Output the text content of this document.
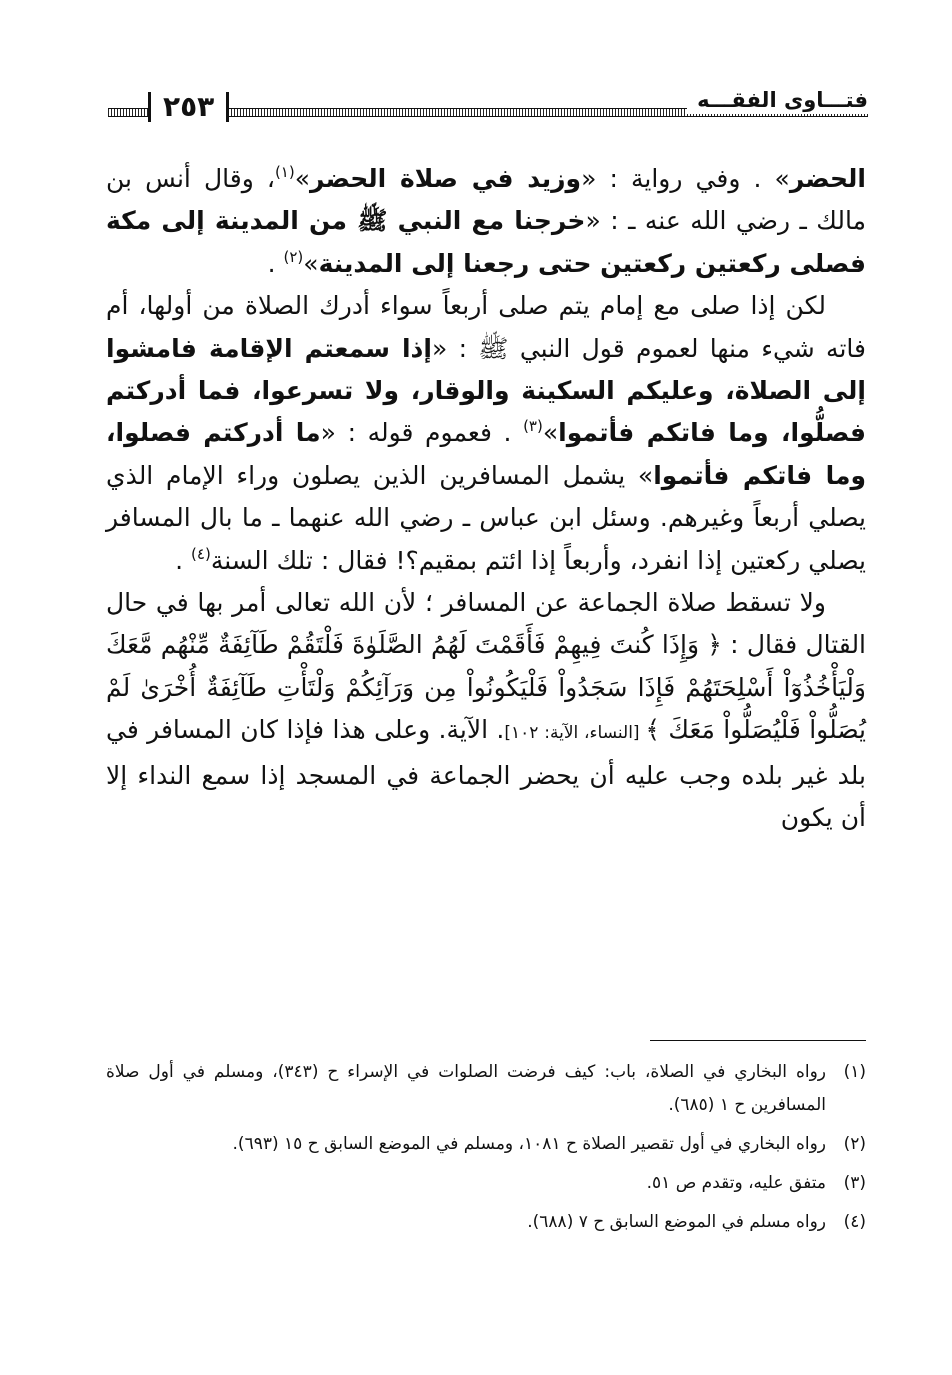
٢٥٣	فتـــاوى الفقـــه

الحضر» . وفي رواية : «وزيد في صلاة الحضر»$^{(١)}$، وقال أنس بن مالك ـ رضي الله عنه ـ : «خرجنا مع النبي ﷺ من المدينة إلى مكة فصلى ركعتين ركعتين حتى رجعنا إلى المدينة»$^{(٢)}$ .

لكن إذا صلى مع إمام يتم صلى أربعاً سواء أدرك الصلاة من أولها، أم فاته شيء منها لعموم قول النبي ﷺ : «إذا سمعتم الإقامة فامشوا إلى الصلاة، وعليكم السكينة والوقار، ولا تسرعوا، فما أدركتم فصلُّوا، وما فاتكم فأتموا»$^{(٣)}$ . فعموم قوله : «ما أدركتم فصلوا، وما فاتكم فأتموا» يشمل المسافرين الذين يصلون وراء الإمام الذي يصلي أربعاً وغيرهم. وسئل ابن عباس ـ رضي الله عنهما ـ ما بال المسافر يصلي ركعتين إذا انفرد، وأربعاً إذا ائتم بمقيم؟! فقال : تلك السنة$^{(٤)}$ .

ولا تسقط صلاة الجماعة عن المسافر ؛ لأن الله تعالى أمر بها في حال القتال فقال : ﴿ وَإِذَا كُنتَ فِيهِمْ فَأَقَمْتَ لَهُمُ الصَّلَوٰةَ فَلْتَقُمْ طَآئِفَةٌ مِّنْهُم مَّعَكَ وَلْيَأْخُذُوٓاْ أَسْلِحَتَهُمْ فَإِذَا سَجَدُواْ فَلْيَكُونُواْ مِن وَرَآئِكُمْ وَلْتَأْتِ طَآئِفَةٌ أُخْرَىٰ لَمْ يُصَلُّواْ فَلْيُصَلُّواْ مَعَكَ ﴾ [النساء، الآية: ١٠٢]. الآية. وعلى هذا فإذا كان المسافر في بلد غير بلده وجب عليه أن يحضر الجماعة في المسجد إذا سمع النداء إلا أن يكون

(١)رواه البخاري في الصلاة، باب: كيف فرضت الصلوات في الإسراء ح (٣٤٣)، ومسلم في أول صلاة المسافرين ح ١ (٦٨٥).

(٢)رواه البخاري في أول تقصير الصلاة ح ١٠٨١، ومسلم في الموضع السابق ح ١٥ (٦٩٣).

(٣)متفق عليه، وتقدم ص ٥١.

(٤)رواه مسلم في الموضع السابق ح ٧ (٦٨٨).
